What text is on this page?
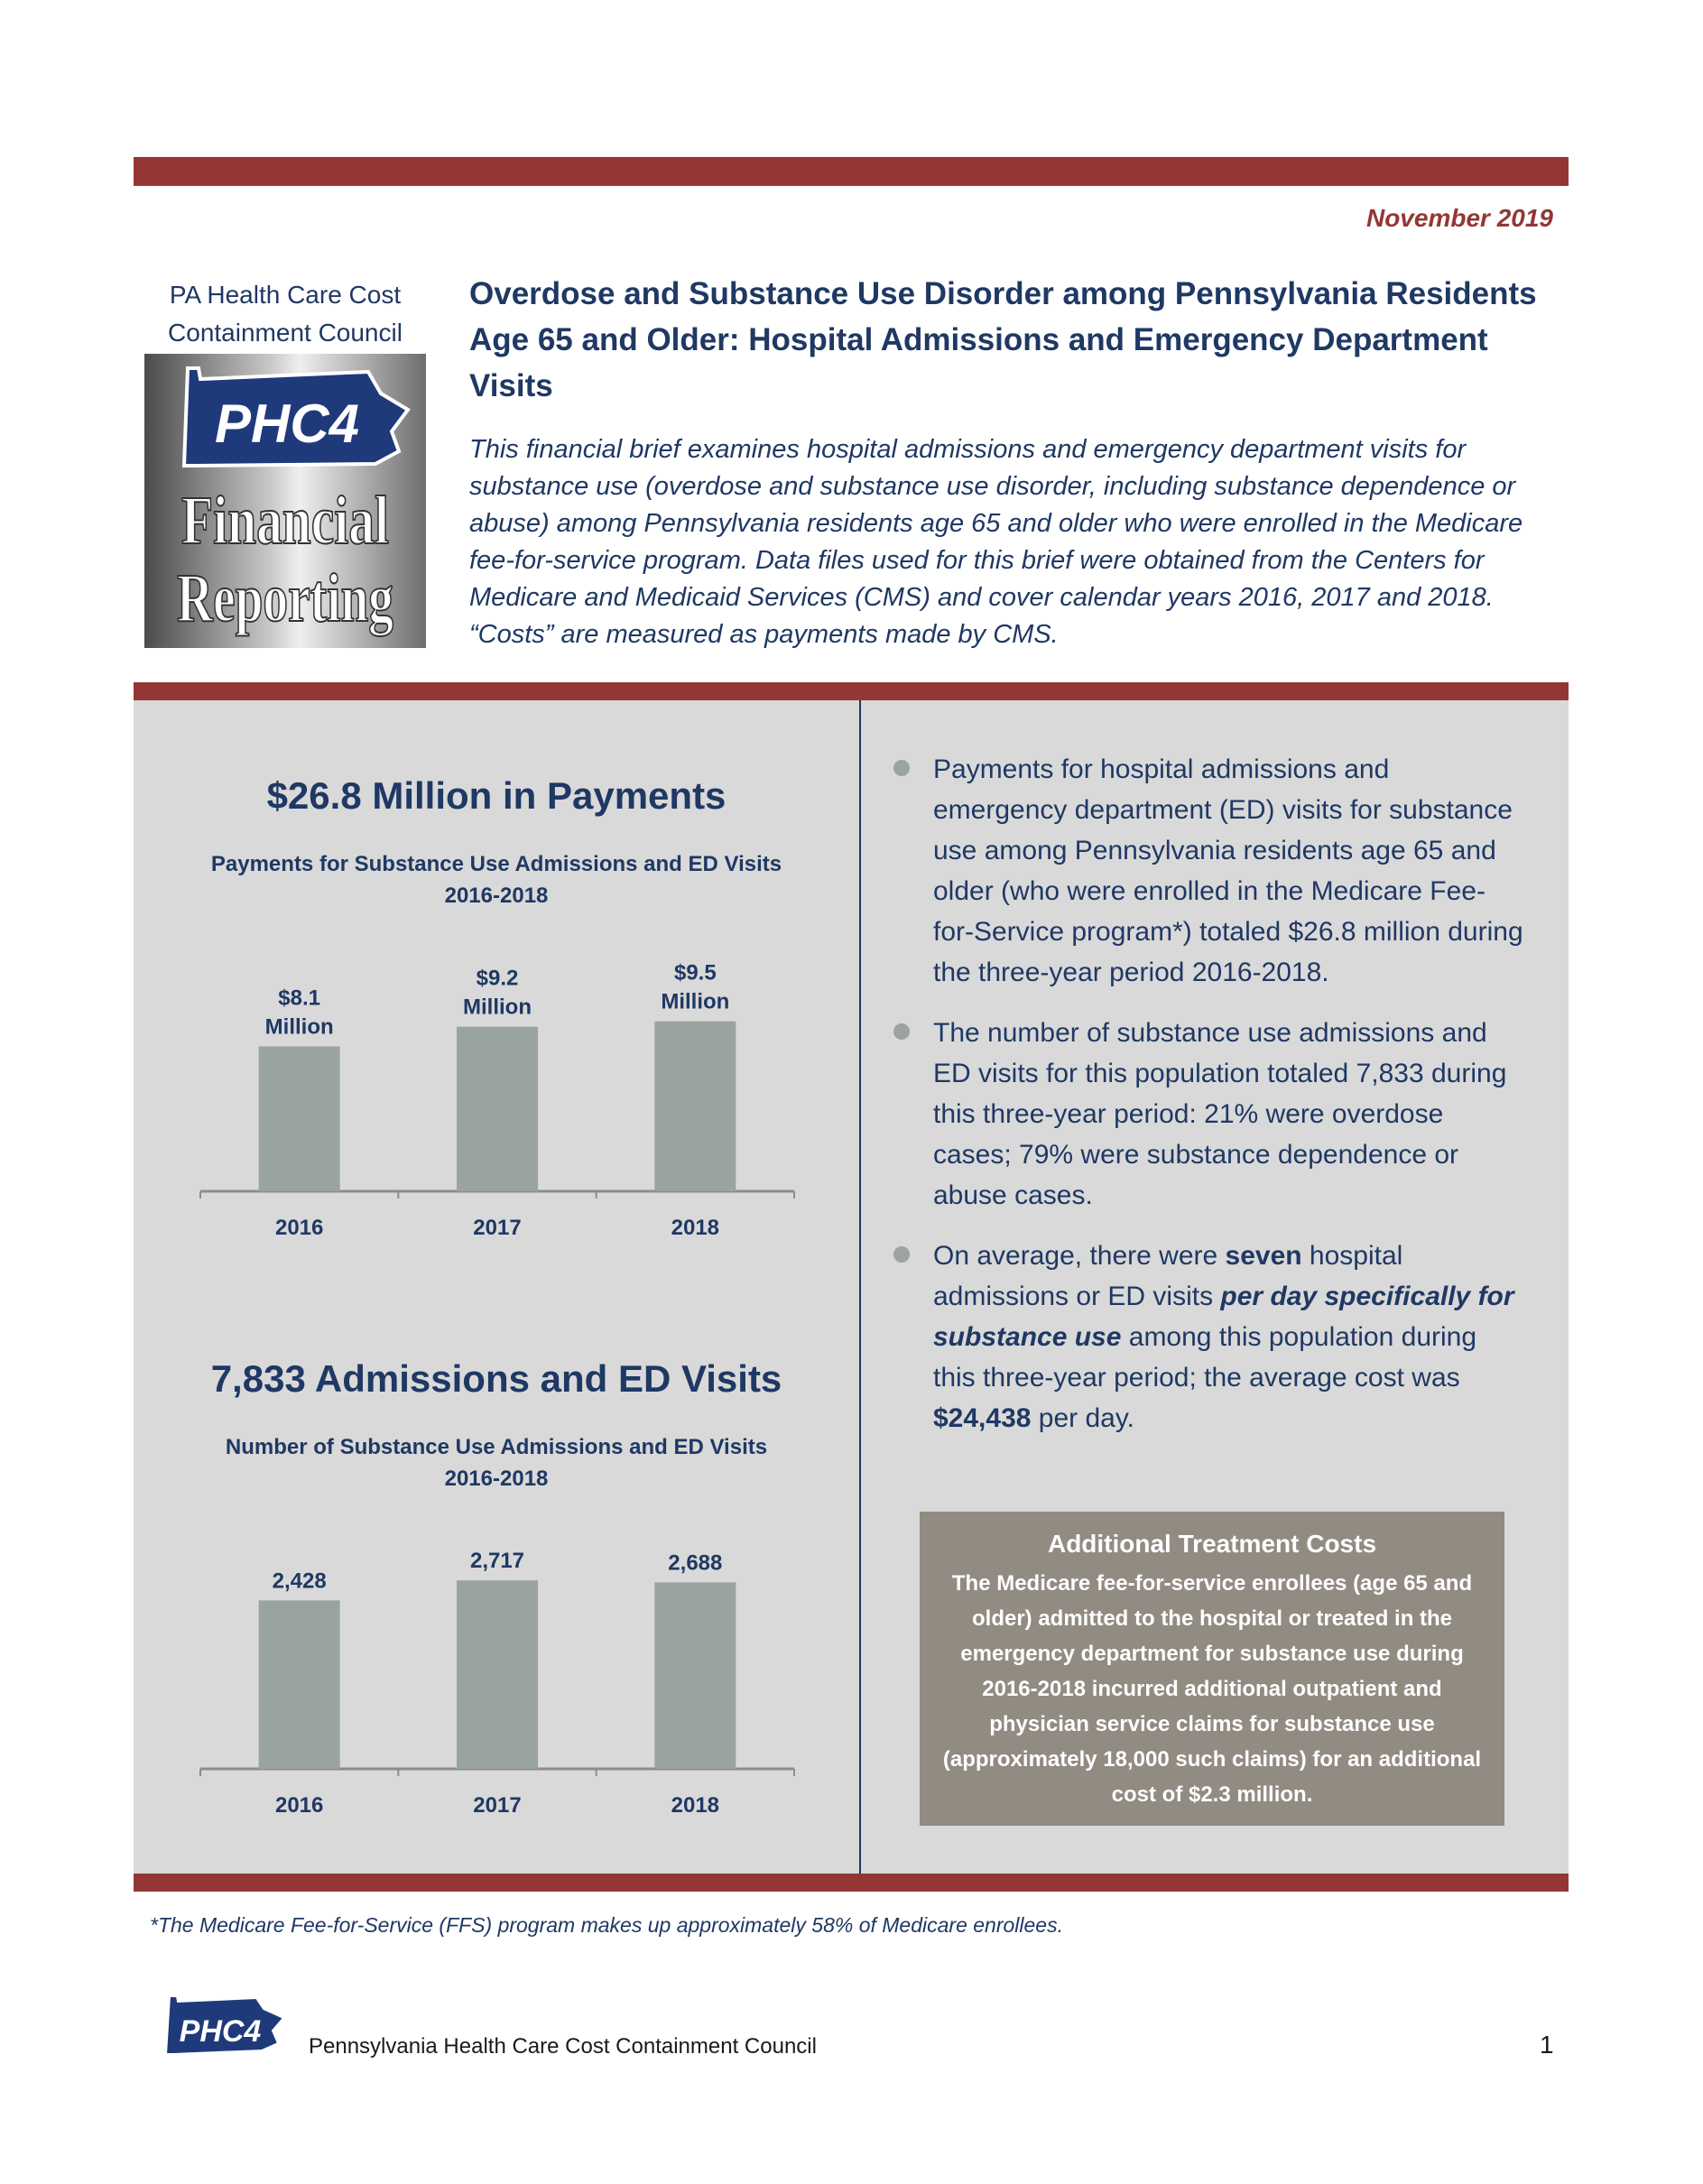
November 2019
PA Health Care Cost Containment Council
PHC4
Financial
Reporting
Overdose and Substance Use Disorder among Pennsylvania Residents Age 65 and Older: Hospital Admissions and Emergency Department Visits
This financial brief examines hospital admissions and emergency department visits for substance use (overdose and substance use disorder, including substance dependence or abuse) among Pennsylvania residents age 65 and older who were enrolled in the Medicare fee-for-service program. Data files used for this brief were obtained from the Centers for Medicare and Medicaid Services (CMS) and cover calendar years 2016, 2017 and 2018. “Costs” are measured as payments made by CMS.
$26.8 Million in Payments
Payments for Substance Use Admissions and ED Visits
2016-2018
$8.1
Million
2016
$9.2
Million
2017
$9.5
Million
2018
7,833 Admissions and ED Visits
Number of Substance Use Admissions and ED Visits
2016-2018
2,428
2016
2,717
2017
2,688
2018
Payments for hospital admissions and emergency department (ED) visits for substance use among Pennsylvania residents age 65 and older (who were enrolled in the Medicare Fee-for-Service program*) totaled $26.8 million during the three-year period 2016-2018.
The number of substance use admissions and ED visits for this population totaled 7,833 during this three-year period: 21% were overdose cases; 79% were substance dependence or abuse cases.
On average, there were seven hospital admissions or ED visits per day specifically for substance use among this population during this three-year period; the average cost was $24,438 per day.
Additional Treatment Costs
The Medicare fee-for-service enrollees (age 65 and older) admitted to the hospital or treated in the emergency department for substance use during 2016-2018 incurred additional outpatient and physician service claims for substance use (approximately 18,000 such claims) for an additional cost of $2.3 million.
*The Medicare Fee-for-Service (FFS) program makes up approximately 58% of Medicare enrollees.
PHC4 Pennsylvania Health Care Cost Containment Council	1
